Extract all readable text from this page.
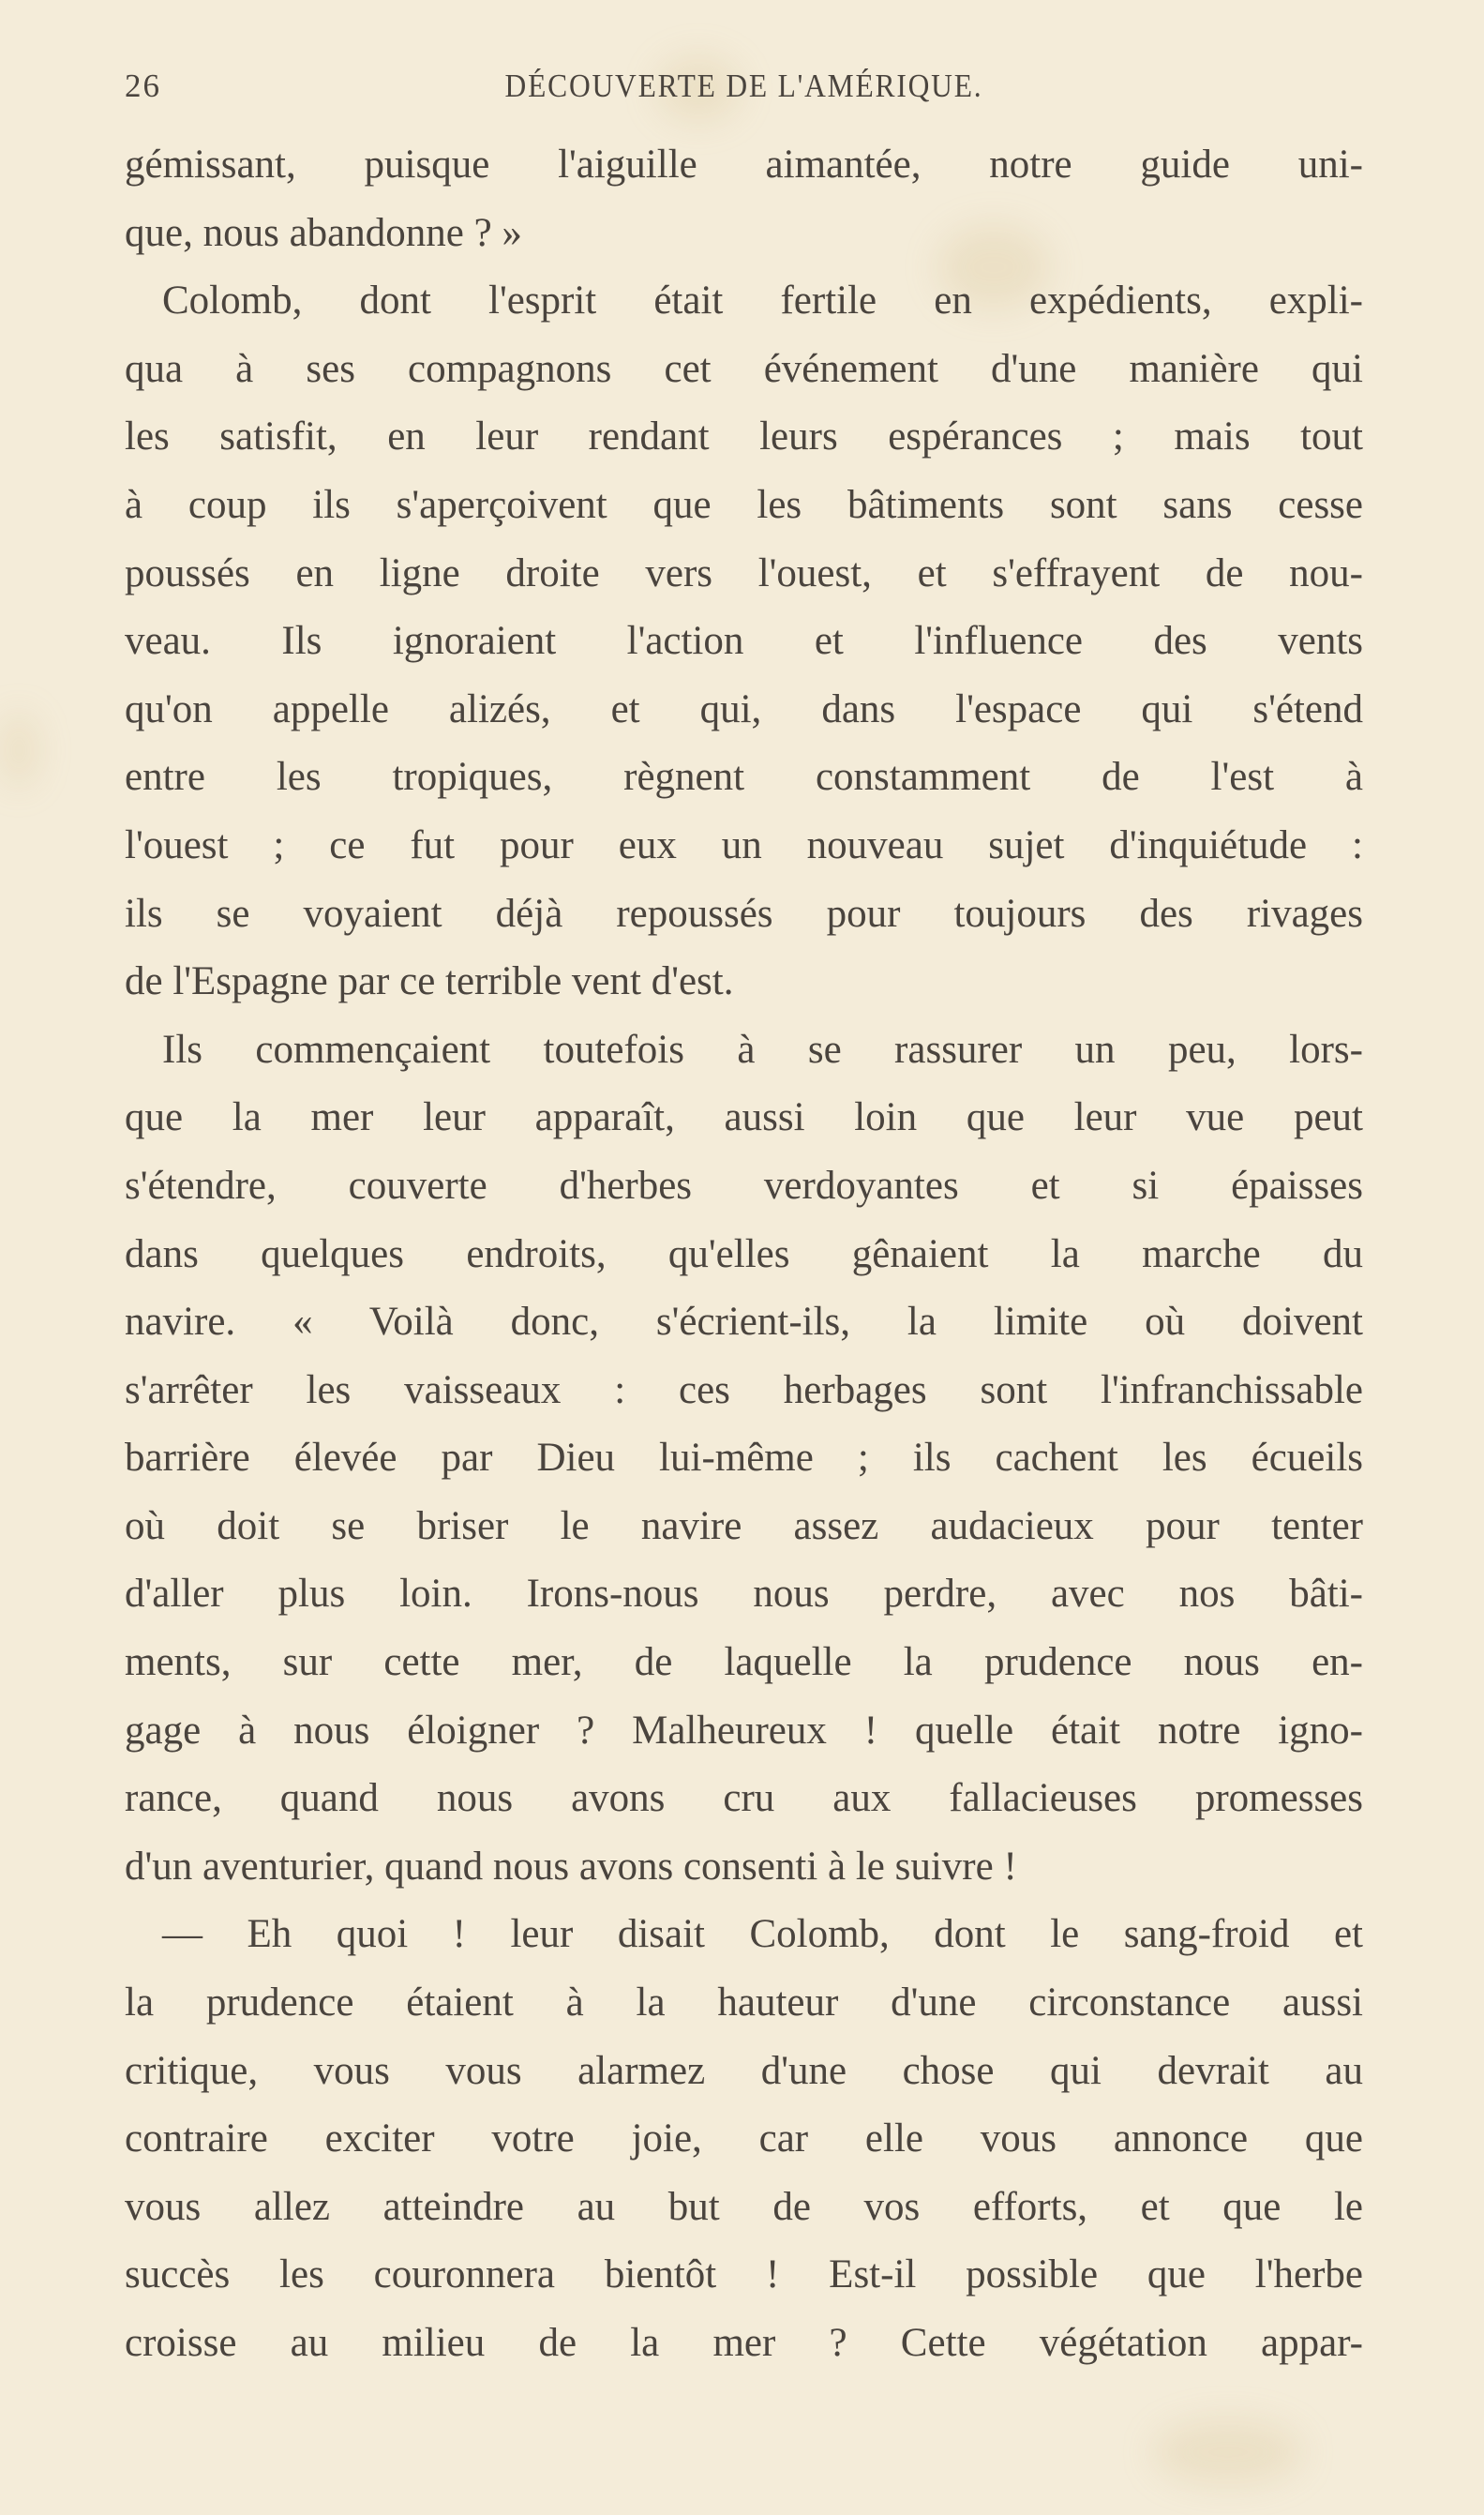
26	DÉCOUVERTE DE L'AMÉRIQUE.
gémissant, puisque l'aiguille aimantée, notre guide uni-
que, nous abandonne ? »
Colomb, dont l'esprit était fertile en expédients, expli-
qua à ses compagnons cet événement d'une manière qui
les satisfit, en leur rendant leurs espérances ; mais tout
à coup ils s'aperçoivent que les bâtiments sont sans cesse
poussés en ligne droite vers l'ouest, et s'effrayent de nou-
veau. Ils ignoraient l'action et l'influence des vents
qu'on appelle alizés, et qui, dans l'espace qui s'étend
entre les tropiques, règnent constamment de l'est à
l'ouest ; ce fut pour eux un nouveau sujet d'inquiétude :
ils se voyaient déjà repoussés pour toujours des rivages
de l'Espagne par ce terrible vent d'est.
Ils commençaient toutefois à se rassurer un peu, lors-
que la mer leur apparaît, aussi loin que leur vue peut
s'étendre, couverte d'herbes verdoyantes et si épaisses
dans quelques endroits, qu'elles gênaient la marche du
navire. « Voilà donc, s'écrient-ils, la limite où doivent
s'arrêter les vaisseaux : ces herbages sont l'infranchissable
barrière élevée par Dieu lui-même ; ils cachent les écueils
où doit se briser le navire assez audacieux pour tenter
d'aller plus loin. Irons-nous nous perdre, avec nos bâti-
ments, sur cette mer, de laquelle la prudence nous en-
gage à nous éloigner ? Malheureux ! quelle était notre igno-
rance, quand nous avons cru aux fallacieuses promesses
d'un aventurier, quand nous avons consenti à le suivre !
— Eh quoi ! leur disait Colomb, dont le sang-froid et
la prudence étaient à la hauteur d'une circonstance aussi
critique, vous vous alarmez d'une chose qui devrait au
contraire exciter votre joie, car elle vous annonce que
vous allez atteindre au but de vos efforts, et que le
succès les couronnera bientôt ! Est-il possible que l'herbe
croisse au milieu de la mer ? Cette végétation appar-
